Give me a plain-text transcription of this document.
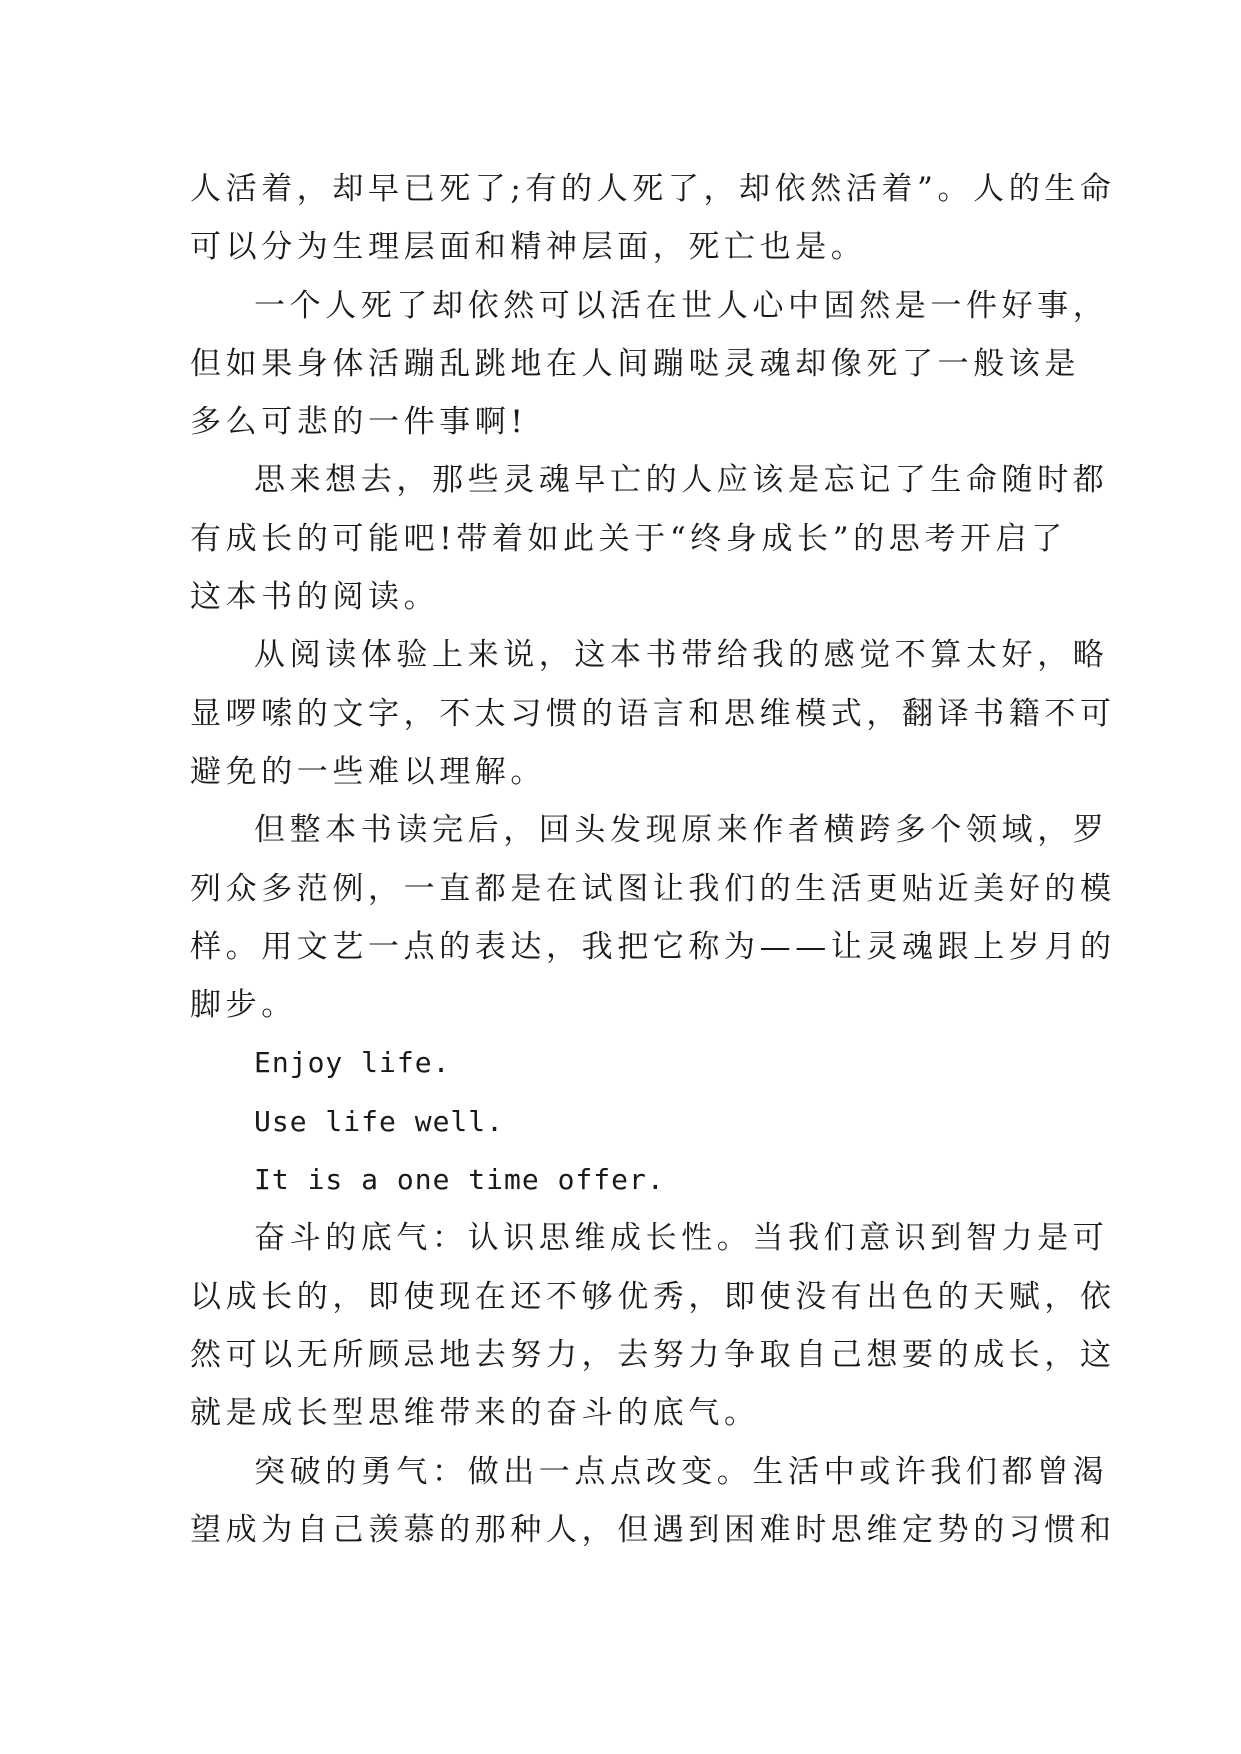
人活着，却早已死了;有的人死了，却依然活着”。人的生命
可以分为生理层面和精神层面，死亡也是。
一个人死了却依然可以活在世人心中固然是一件好事，
但如果身体活蹦乱跳地在人间蹦哒灵魂却像死了一般该是
多么可悲的一件事啊!
思来想去，那些灵魂早亡的人应该是忘记了生命随时都
有成长的可能吧!带着如此关于“终身成长”的思考开启了
这本书的阅读。
从阅读体验上来说，这本书带给我的感觉不算太好，略
显啰嗦的文字，不太习惯的语言和思维模式，翻译书籍不可
避免的一些难以理解。
但整本书读完后，回头发现原来作者横跨多个领域，罗
列众多范例，一直都是在试图让我们的生活更贴近美好的模
样。用文艺一点的表达，我把它称为——让灵魂跟上岁月的
脚步。
Enjoy life.
Use life well.
It is a one time offer.
奋斗的底气：认识思维成长性。当我们意识到智力是可
以成长的，即使现在还不够优秀，即使没有出色的天赋，依
然可以无所顾忌地去努力，去努力争取自己想要的成长，这
就是成长型思维带来的奋斗的底气。
突破的勇气：做出一点点改变。生活中或许我们都曾渴
望成为自己羡慕的那种人，但遇到困难时思维定势的习惯和
